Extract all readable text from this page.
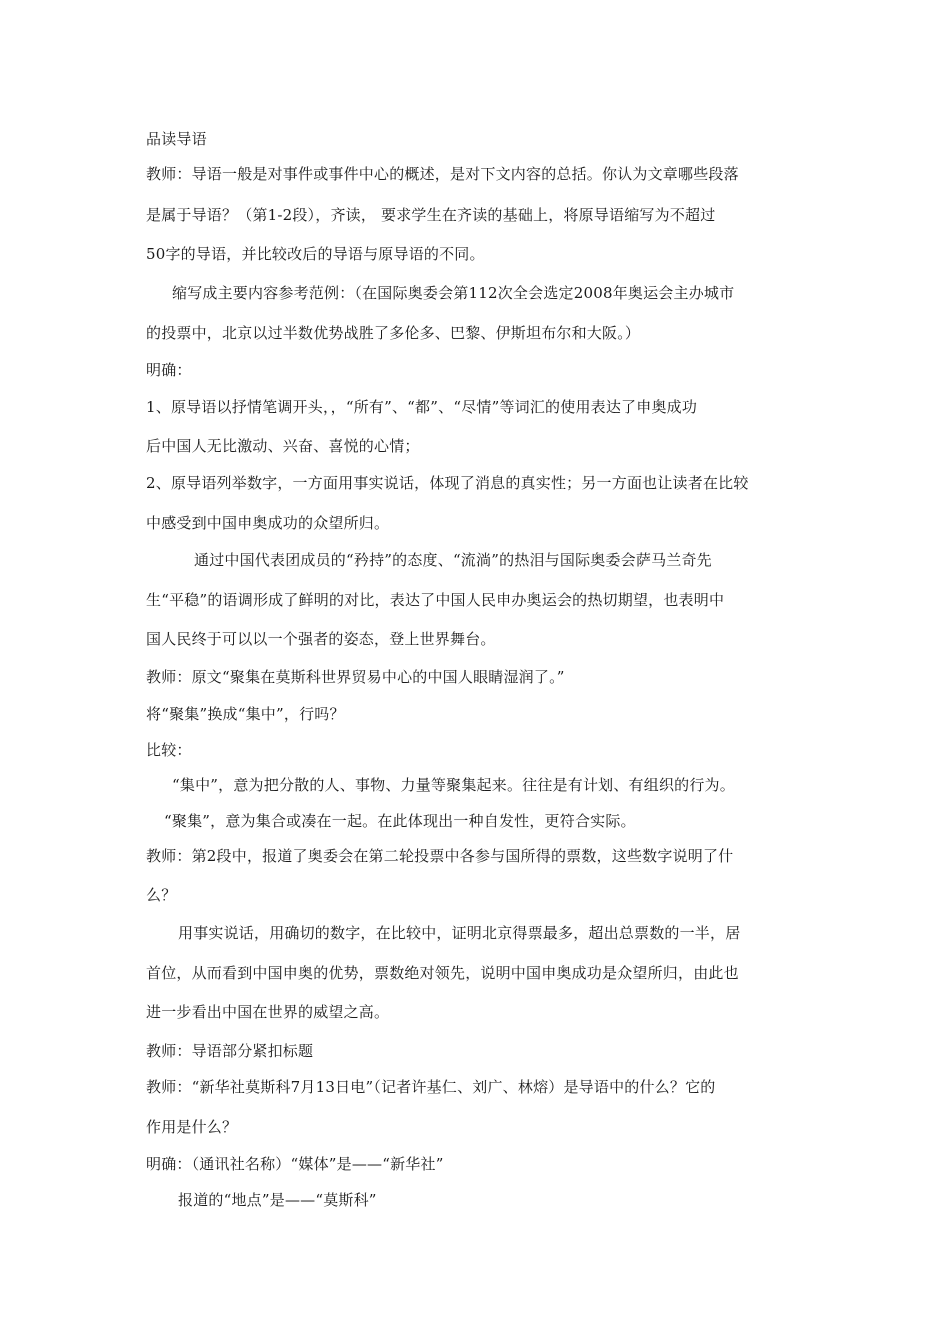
品读导语
教师：导语一般是对事件或事件中心的概述，是对下文内容的总括。你认为文章哪些段落
是属于导语？（第1-2段），齐读， 要求学生在齐读的基础上，将原导语缩写为不超过
50字的导语，并比较改后的导语与原导语的不同。
缩写成主要内容参考范例：（在国际奥委会第112次全会选定2008年奥运会主办城市
的投票中，北京以过半数优势战胜了多伦多、巴黎、伊斯坦布尔和大阪。）
明确：
1、原导语以抒情笔调开头，，“所有”、“都”、“尽情”等词汇的使用表达了申奥成功
后中国人无比激动、兴奋、喜悦的心情；
2、原导语列举数字，一方面用事实说话，体现了消息的真实性；另一方面也让读者在比较
中感受到中国申奥成功的众望所归。
通过中国代表团成员的“矜持”的态度、“流淌”的热泪与国际奥委会萨马兰奇先
生“平稳”的语调形成了鲜明的对比，表达了中国人民申办奥运会的热切期望，也表明中
国人民终于可以以一个强者的姿态，登上世界舞台。
教师：原文“聚集在莫斯科世界贸易中心的中国人眼睛湿润了。”
将“聚集”换成“集中”，行吗？
比较：
“集中”，意为把分散的人、事物、力量等聚集起来。往往是有计划、有组织的行为。
“聚集”，意为集合或凑在一起。在此体现出一种自发性，更符合实际。
教师：第2段中，报道了奥委会在第二轮投票中各参与国所得的票数，这些数字说明了什
么？
用事实说话，用确切的数字，在比较中，证明北京得票最多，超出总票数的一半，居
首位，从而看到中国申奥的优势，票数绝对领先，说明中国申奥成功是众望所归，由此也
进一步看出中国在世界的威望之高。
教师：导语部分紧扣标题
教师：“新华社莫斯科7月13日电”（记者许基仁、刘广、林熔）是导语中的什么？它的
作用是什么？
明确：（通讯社名称）“媒体”是——“新华社”
报道的“地点”是——“莫斯科”
